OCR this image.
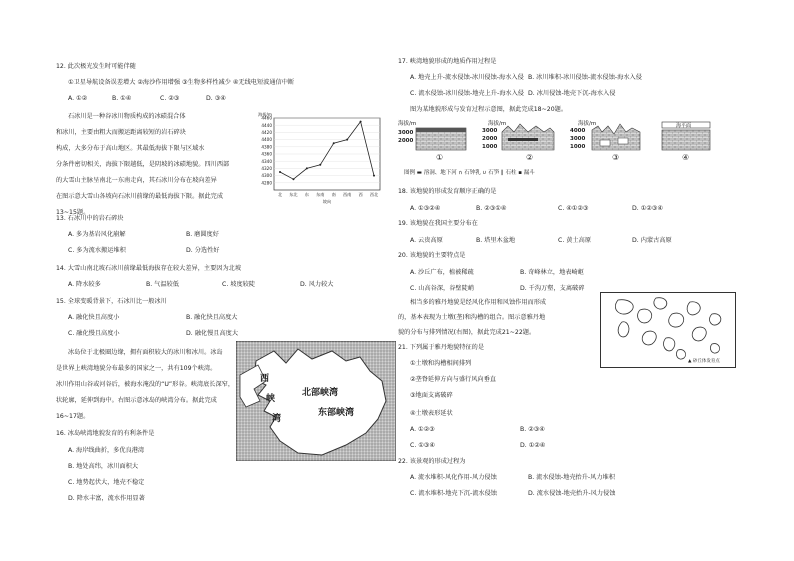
12. 此次极光发生时可能伴随
①卫星导航设备误差增大 ②海沙作用增强 ③生物多样性减少 ④无线电短波通信中断
A. ①②	B. ①④	C. ②③	D. ③④
石冰川是一种谷冰川物质构成的冰碛混合体
和冰川，主要由粗大而搬运距离较短的岩石碎块
构成，大多分布于高山地区。其最低海拔下限与区域水
分条件密切相关，海拔下限越低，是阴坡的冰碛地貌。四川西部
的大雪山主脉呈南北一东南走向，其石冰川分布在坡向差异
在图示意大雪山各坡向石冰川前缘的最低海拔下限。据此完成
13~15题。
4280
4300
4320
4340
4360
4380
4400
4420
4440
4460
海拔/m
北 东北 东 东南 南 西南 西 西北
坡向
13. 石冰川中的岩石碎块
A. 多为基岩风化崩解	B. 磨圆度好
C. 多为流水搬运堆积	D. 分选性好
14. 大雪山南北坡石冰川前缘最低海拔存在较大差异，主要因为北坡
A. 降水较多	B. 气温较低	C. 坡度较陡	D. 风力较大
15. 全球变暖背景下，石冰川比一般冰川
A. 融化快且高度小	B. 融化快且高度大
C. 融化慢且高度小	D. 融化慢且高度大
冰岛位于北极圈边缘，拥有面积较大的冰川和冰川。冰岛
是世界上峡湾地貌分布最多的国家之一，共有109个峡湾。
冰川作用山谷或河谷后，被海水淹没的“U”形谷。峡湾底长深窄，
状轮廓，延伸到海中。右图示意冰岛的峡湾分布。据此完成
16~17题。
北部峡湾
东部峡湾
西
峡
湾
16. 冰岛峡湾地貌发育的有利条件是
A. 海岸线曲折，多优良港湾
B. 地处高纬，冰川面积大
C. 地势起伏大，地壳不稳定
D. 降水丰富，流水作用显著
17. 峡湾地貌形成的地质作用过程是
A. 地壳上升-流水侵蚀-冰川侵蚀-海水入侵 B. 冰川堆积-冰川侵蚀-流水侵蚀-海水入侵
C. 流水侵蚀-冰川侵蚀-地壳上升-海水入侵 D. 冰川侵蚀-地壳下沉-海水入侵
图为某地貌形成与发育过程示意图，据此完成18~20题。
海拔/m
3000
2000
①
海拔/m
3000
2000
1000
②
海拔/m
4000
3000
1000
③
海平面
④
图例 ▬ 溶洞、地下河 ∩ 石钟乳 ∪ 石笋 ∥ 石柱 ▪ 漏斗
18. 该地貌的形成发育顺序正确的是
A. ①③②④	B. ②③①④	C. ④①②③	D. ①②③④
19. 该地貌在我国主要分布在
A. 云贵高原	B. 塔里木盆地	C. 黄土高原	D. 内蒙古高原
20. 该地貌的主要特点是
A. 沙丘广布，植被稀疏	B. 奇峰林立，地表崎岖
C. 山高谷深，谷壁陡峭	D. 千沟万壑，支离破碎
相当多的雅丹地貌是经风化作用和风蚀作用而形成
的，基本表现为土墩(垄)和沟槽的组合。图示意雅丹地
貌的分布与排列情况(右图)，据此完成21~22题。
▲ 砂丘体发育点
21. 下列属于雅丹地貌特征的是
①土墩和沟槽相间排列
②垄脊延伸方向与盛行风向垂直
③地面支离破碎
④土墩表形延状
A. ①②③	B. ②③④
C. ①③④	D. ①②④
22. 该景观的形成过程为
A. 流水堆积-风化作用-风力侵蚀	B. 流水侵蚀-地壳抬升-风力堆积
C. 流水堆积-地壳下沉-流水侵蚀	D. 流水侵蚀-地壳抬升-风力侵蚀
